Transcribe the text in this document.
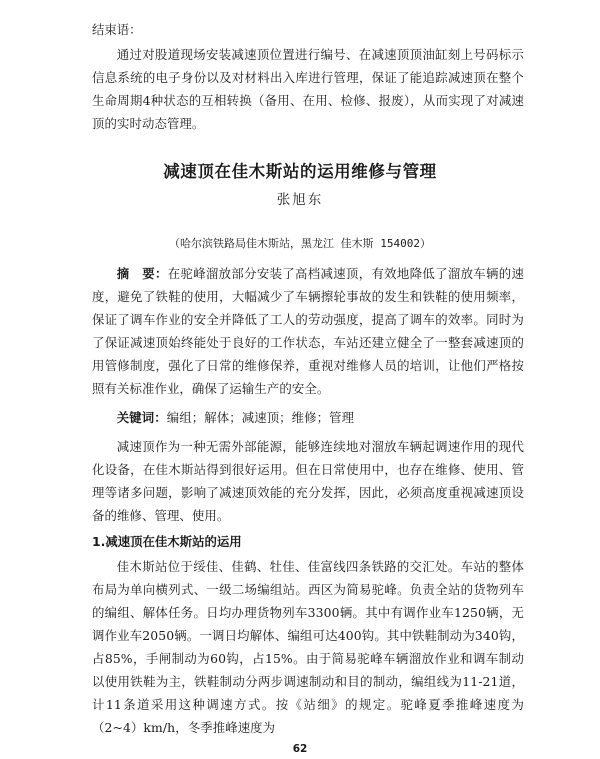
结束语：
通过对股道现场安装减速顶位置进行编号、在减速顶顶油缸刻上号码标示信息系统的电子身份以及对材料出入库进行管理，保证了能追踪减速顶在整个生命周期4种状态的互相转换（备用、在用、检修、报废），从而实现了对减速顶的实时动态管理。
减速顶在佳木斯站的运用维修与管理
张旭东
（哈尔滨铁路局佳木斯站，黑龙江 佳木斯 154002）
摘　要：在驼峰溜放部分安装了高档减速顶，有效地降低了溜放车辆的速度，避免了铁鞋的使用，大幅减少了车辆擦轮事故的发生和铁鞋的使用频率，保证了调车作业的安全并降低了工人的劳动强度，提高了调车的效率。同时为了保证减速顶始终能处于良好的工作状态，车站还建立健全了一整套减速顶的用管修制度，强化了日常的维修保养，重视对维修人员的培训，让他们严格按照有关标准作业，确保了运输生产的安全。
关键词：编组；解体；减速顶；维修；管理
减速顶作为一种无需外部能源，能够连续地对溜放车辆起调速作用的现代化设备，在佳木斯站得到很好运用。但在日常使用中，也存在维修、使用、管理等诸多问题，影响了减速顶效能的充分发挥，因此，必须高度重视减速顶设备的维修、管理、使用。
1.减速顶在佳木斯站的运用
佳木斯站位于绥佳、佳鹤、牡佳、佳富线四条铁路的交汇处。车站的整体布局为单向横列式、一级二场编组站。西区为简易驼峰。负责全站的货物列车的编组、解体任务。日均办理货物列车3300辆。其中有调作业车1250辆，无调作业车2050辆。一调日均解体、编组可达400钩。其中铁鞋制动为340钩，占85%，手闸制动为60钩，占15%。由于简易驼峰车辆溜放作业和调车制动以使用铁鞋为主，铁鞋制动分两步调速制动和目的制动，编组线为11-21道，计11条道采用这种调速方式。按《站细》的规定。驼峰夏季推峰速度为（2~4）km/h，冬季推峰速度为
62
